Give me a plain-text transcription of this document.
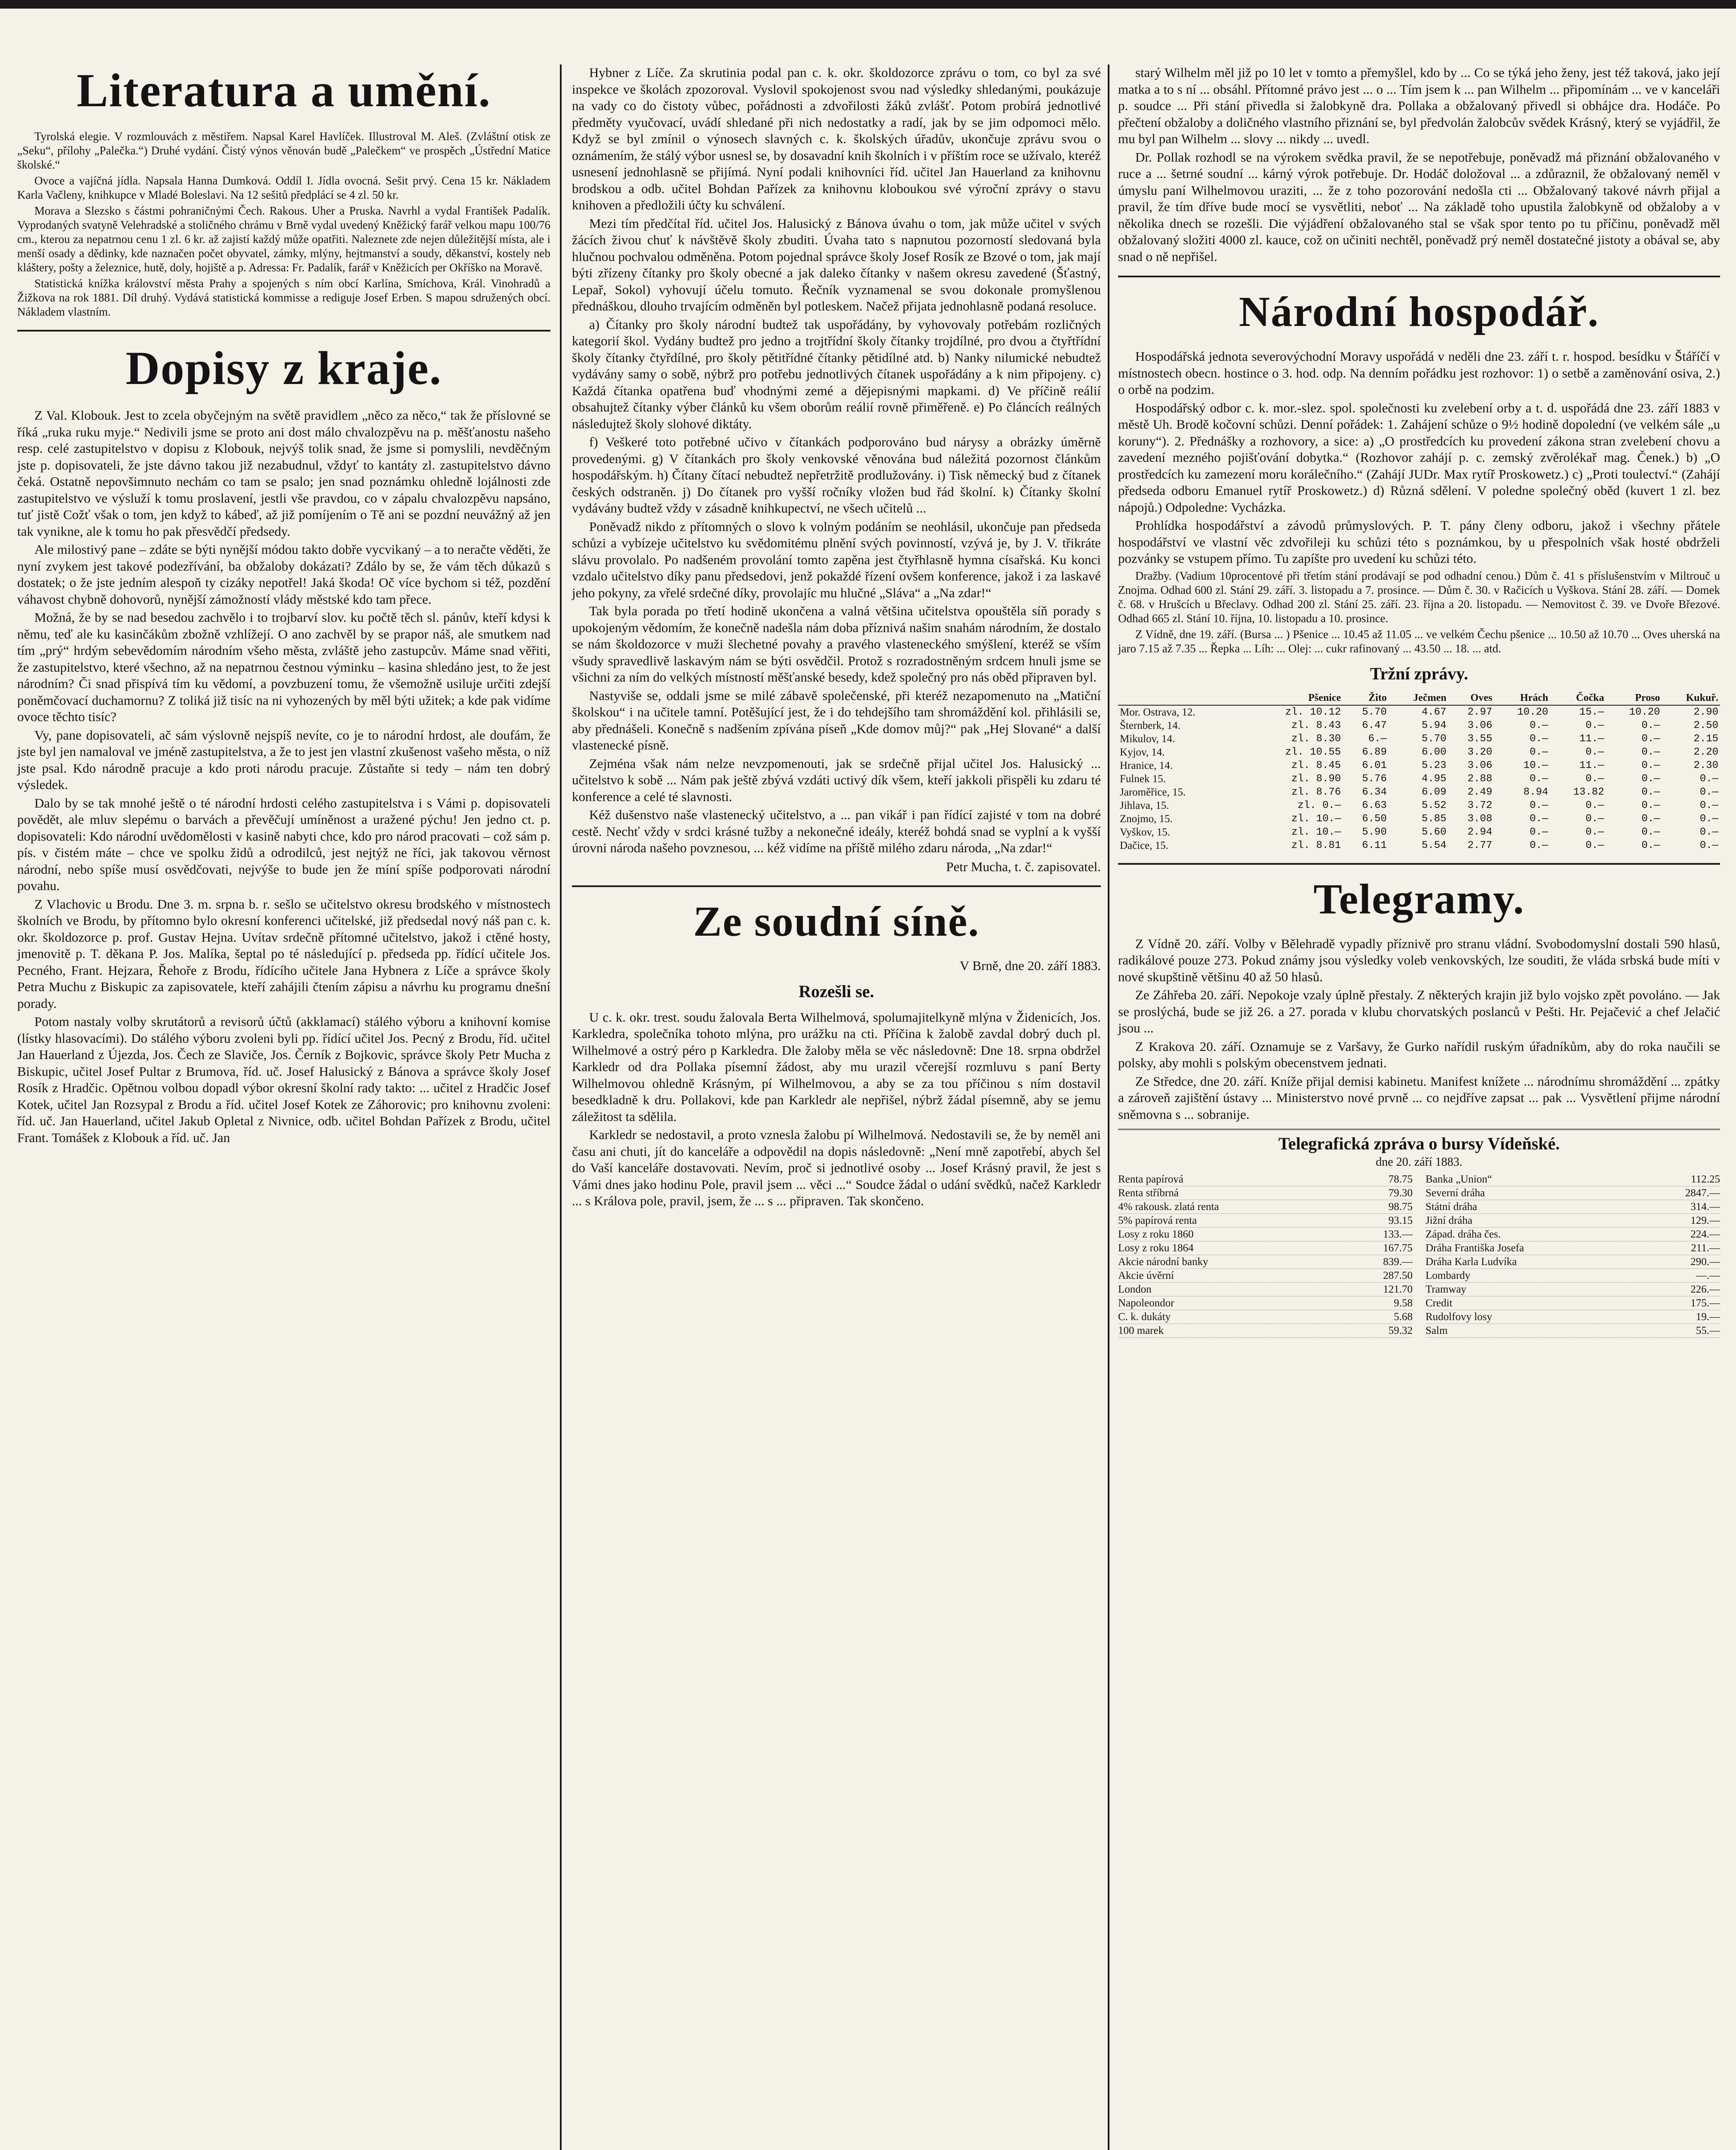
Literatura a umění.

Tyrolská elegie. V rozmlouvách z městiřem. Napsal Karel Havlíček. Illustroval M. Aleš. (Zvláštní otisk ze „Seku“, přílohy „Palečka.“) Druhé vydání. Čistý výnos věnován budě „Palečkem“ ve prospěch „Ústřední Matice školské.“

Ovoce a vajíčná jídla. Napsala Hanna Dumková. Oddíl I. Jídla ovocná. Sešit prvý. Cena 15 kr. Nákladem Karla Vačleny, knihkupce v Mladé Boleslavi. Na 12 sešitů předplácí se 4 zl. 50 kr.

Morava a Slezsko s částmi pohraničnými Čech. Rakous. Uher a Pruska. Navrhl a vydal František Padalík. Vyprodaných svatyně Velehradské a stoličného chrámu v Brně vydal uvedený Kněžický farář velkou mapu 100/76 cm., kterou za nepatrnou cenu 1 zl. 6 kr. až zajistí každý může opatřiti. Naleznete zde nejen důležitější místa, ale i menší osady a dědinky, kde naznačen počet obyvatel, zámky, mlýny, hejtmanství a soudy, děkanství, kostely neb kláštery, pošty a železnice, hutě, doly, hojiště a p. Adressa: Fr. Padalík, farář v Kněžicích per Okříško na Moravě.

Statistická knížka království města Prahy a spojených s ním obcí Karlína, Smíchova, Král. Vinohradů a Žižkova na rok 1881. Díl druhý. Vydává statistická kommisse a rediguje Josef Erben. S mapou sdružených obcí. Nákladem vlastním.

Dopisy z kraje.

Z Val. Klobouk. Jest to zcela obyčejným na světě pravidlem „něco za něco,“ tak že příslovné se říká „ruka ruku myje.“ Nedivili jsme se proto ani dost málo chvalozpěvu na p. měšťanostu našeho resp. celé zastupitelstvo v dopisu z Klobouk, nejvýš tolik snad, že jsme si pomyslili, nevděčným jste p. dopisovateli, že jste dávno takou již nezabudnul, vždyť to kantáty zl. zastupitelstvo dávno čeká. Ostatně nepovšimnuto nechám co tam se psalo; jen snad poznámku ohledně lojálnosti zde zastupitelstvo ve výsluží k tomu proslavení, jestli vše pravdou, co v zápalu chvalozpěvu napsáno, tuť jistě Cožť však o tom, jen když to kábeď, až již pomíjením o Tě ani se pozdní neuvážný až jen tak vynikne, ale k tomu ho pak přesvědčí předsedy.

Ale milostivý pane – zdáte se býti nynější módou takto dobře vycvikaný – a to neračte věděti, že nyní zvykem jest takové podezřívání, ba obžaloby dokázati? Zdálo by se, že vám těch důkazů s dostatek; o že jste jedním alespoň ty cizáky nepotřel! Jaká škoda! Oč více bychom si též, pozdění váhavost chybně dohovorů, nynější zámožností vlády městské kdo tam přece.

Možná, že by se nad besedou zachvělo i to trojbarví slov. ku počtě těch sl. pánův, kteří kdysi k němu, teď ale ku kasinčákům zbožně vzhlížejí. O ano zachvěl by se prapor náš, ale smutkem nad tím „prý“ hrdým sebevědomím národním všeho města, zvláště jeho zastupcův. Máme snad věřiti, že zastupitelstvo, které všechno, až na nepatrnou čestnou výminku – kasina shledáno jest, to že jest národním? Či snad přispívá tím ku vědomí, a povzbuzení tomu, že všemožně usiluje určiti zdejší poněmčovací duchamornu? Z toliká již tisíc na ni vyhozených by měl býti užitek; a kde pak vidíme ovoce těchto tisíc?

Vy, pane dopisovateli, ač sám výslovně nejspíš nevíte, co je to národní hrdost, ale doufám, že jste byl jen namaloval ve jméně zastupitelstva, a že to jest jen vlastní zkušenost vašeho města, o níž jste psal. Kdo národně pracuje a kdo proti národu pracuje. Zůstaňte si tedy – nám ten dobrý výsledek.

Dalo by se tak mnohé ještě o té národní hrdosti celého zastupitelstva i s Vámi p. dopisovateli povědět, ale mluv slepému o barvách a převěčují umíněnost a uražené pýchu! Jen jedno ct. p. dopisovateli: Kdo národní uvědomělosti v kasině nabyti chce, kdo pro národ pracovati – což sám p. pís. v čistém máte – chce ve spolku židů a odrodilců, jest nejtýž ne říci, jak takovou věrnost národní, nebo spíše musí osvědčovati, nejvýše to bude jen že míní spíše podporovati národní povahu.

Z Vlachovic u Brodu. Dne 3. m. srpna b. r. sešlo se učitelstvo okresu brodského v místnostech školních ve Brodu, by přítomno bylo okresní konferenci učitelské, již předsedal nový náš pan c. k. okr. školdozorce p. prof. Gustav Hejna. Uvítav srdečně přítomné učitelstvo, jakož i ctěné hosty, jmenovitě p. T. děkana P. Jos. Malíka, šeptal po té následující p. předseda pp. řídící učitele Jos. Pecného, Frant. Hejzara, Řehoře z Brodu, řídícího učitele Jana Hybnera z Líče a správce školy Petra Muchu z Biskupic za zapisovatele, kteří zahájili čtením zápisu a návrhu ku programu dnešní porady.

Potom nastaly volby skrutátorů a revisorů účtů (akklamací) stálého výboru a knihovní komise (lístky hlasovacími). Do stálého výboru zvoleni byli pp. řídící učitel Jos. Pecný z Brodu, říd. učitel Jan Hauerland z Újezda, Jos. Čech ze Slaviče, Jos. Černík z Bojkovic, správce školy Petr Mucha z Biskupic, učitel Josef Pultar z Brumova, říd. uč. Josef Halusický z Bánova a správce školy Josef Rosík z Hradčic. Opětnou volbou dopadl výbor okresní školní rady takto: ... učitel z Hradčic Josef Kotek, učitel Jan Rozsypal z Brodu a říd. učitel Josef Kotek ze Záhorovic; pro knihovnu zvoleni: říd. uč. Jan Hauerland, učitel Jakub Opletal z Nivnice, odb. učitel Bohdan Pařízek z Brodu, učitel Frant. Tomášek z Klobouk a říd. uč. Jan

Hybner z Líče. Za skrutinia podal pan c. k. okr. školdozorce zprávu o tom, co byl za své inspekce ve školách zpozoroval. Vyslovil spokojenost svou nad výsledky shledanými, poukázuje na vady co do čistoty vůbec, pořádnosti a zdvořilosti žáků zvlášť. Potom probírá jednotlivé předměty vyučovací, uvádí shledané při nich nedostatky a radí, jak by se jim odpomoci mělo. Když se byl zmínil o výnosech slavných c. k. školských úřadův, ukončuje zprávu svou o oznámením, že stálý výbor usnesl se, by dosavadní knih školních i v příštím roce se užívalo, kteréž usnesení jednohlasně se přijímá. Nyní podali knihovníci říd. učitel Jan Hauerland za knihovnu brodskou a odb. učitel Bohdan Pařízek za knihovnu kloboukou své výroční zprávy o stavu knihoven a předložili účty ku schválení.

Mezi tím předčítal říd. učitel Jos. Halusický z Bánova úvahu o tom, jak může učitel v svých žácích živou chuť k návštěvě školy zbuditi. Úvaha tato s napnutou pozorností sledovaná byla hlučnou pochvalou odměněna. Potom pojednal správce školy Josef Rosík ze Bzové o tom, jak mají býti zřízeny čítanky pro školy obecné a jak daleko čítanky v našem okresu zavedené (Šťastný, Lepař, Sokol) vyhovují účelu tomuto. Řečník vyznamenal se svou dokonale promyšlenou přednáškou, dlouho trvajícím odměněn byl potleskem. Načež přijata jednohlasně podaná resoluce.

a) Čítanky pro školy národní budtež tak uspořádány, by vyhovovaly potřebám rozličných kategorií škol. Vydány budtež pro jedno a trojtřídní školy čítanky trojdílné, pro dvou a čtyřtřídní školy čítanky čtyřdílné, pro školy pětitřídné čítanky pětidílné atd. b) Nanky nilumické nebudtež vydávány samy o sobě, nýbrž pro potřebu jednotlivých čítanek uspořádány a k nim připojeny. c) Každá čítanka opatřena buď vhodnými zemé a dějepisnými mapkami. d) Ve příčině reálií obsahujtež čítanky výber článků ku všem oborům reálií rovně přiměřeně. e) Po článcích reálných následujtež školy slohové diktáty.

f) Veškeré toto potřebné učivo v čítankách podporováno bud nárysy a obrázky úměrně provedenými. g) V čítankách pro školy venkovské věnována bud náležitá pozornost článkům hospodářským. h) Čítany čítací nebudtež nepřetržitě prodlužovány. i) Tisk německý bud z čítanek českých odstraněn. j) Do čítanek pro vyšší ročníky vložen bud řád školní. k) Čítanky školní vydávány budtež vždy v zásadně knihkupectví, ne všech učitelů ...

Poněvadž nikdo z přítomných o slovo k volným podáním se neohlásil, ukončuje pan předseda schůzi a vybízeje učitelstvo ku svědomitému plnění svých povinností, vzývá je, by J. V. třikráte slávu provolalo. Po nadšeném provolání tomto zapěna jest čtyřhlasně hymna císařská. Ku konci vzdalo učitelstvo díky panu předsedovi, jenž pokaždé řízení ovšem konference, jakož i za laskavé jeho pokyny, za vřelé srdečné díky, provolajíc mu hlučné „Sláva“ a „Na zdar!“

Tak byla porada po třetí hodině ukončena a valná většina učitelstva opouštěla síň porady s upokojeným vědomím, že konečně nadešla nám doba příznivá našim snahám národním, že dostalo se nám školdozorce v muži šlechetné povahy a pravého vlasteneckého smýšlení, kteréž se vším všudy spravedlivě laskavým nám se býti osvědčil. Protož s rozradostněným srdcem hnuli jsme se všichni za ním do velkých místností měšťanské besedy, kdež společný pro nás oběd připraven byl.

Nastyviše se, oddali jsme se milé zábavě společenské, při kteréž nezapomenuto na „Matiční školskou“ i na učitele tamní. Potěšující jest, že i do tehdejšího tam shromáždění kol. přihlásili se, aby přednášeli. Konečně s nadšením zpívána píseň „Kde domov můj?“ pak „Hej Slované“ a další vlastenecké písně.

Zejména však nám nelze nevzpomenouti, jak se srdečně přijal učitel Jos. Halusický ... učitelstvo k sobě ... Nám pak ještě zbývá vzdáti uctivý dík všem, kteří jakkoli přispěli ku zdaru té konference a celé té slavnosti.

Kéž dušenstvo naše vlastenecký učitelstvo, a ... pan vikář i pan řídící zajisté v tom na dobré cestě. Nechť vždy v srdci krásné tužby a nekonečné ideály, kteréž bohdá snad se vyplní a k vyšší úrovni národa našeho povznesou, ... kéž vidíme na příště milého zdaru národa, „Na zdar!“

Petr Mucha, t. č. zapisovatel.

Ze soudní síně.

V Brně, dne 20. září 1883.

Rozešli se.

U c. k. okr. trest. soudu žalovala Berta Wilhelmová, spolumajitelkyně mlýna v Židenicích, Jos. Karkledra, společníka tohoto mlýna, pro urážku na cti. Příčina k žalobě zavdal dobrý duch pl. Wilhelmové a ostrý péro p Karkledra. Dle žaloby měla se věc následovně: Dne 18. srpna obdržel Karkledr od dra Pollaka písemní žádost, aby mu urazil včerejší rozmluvu s paní Berty Wilhelmovou ohledně Krásným, pí Wilhelmovou, a aby se za tou příčinou s ním dostavil besedkladně k dru. Pollakovi, kde pan Karkledr ale nepřišel, nýbrž žádal písemně, aby se jemu záležitost ta sdělila.

Karkledr se nedostavil, a proto vznesla žalobu pí Wilhelmová. Nedostavili se, že by neměl ani času ani chuti, jít do kanceláře a odpovědil na dopis následovně: „Není mně zapotřebí, abych šel do Vaší kanceláře dostavovati. Nevím, proč si jednotlivé osoby ... Josef Krásný pravil, že jest s Vámi dnes jako hodinu Pole, pravil jsem ... věci ...“ Soudce žádal o udání svědků, načež Karkledr ... s Králova pole, pravil, jsem, že ... s ... připraven. Tak skončeno.

starý Wilhelm měl již po 10 let v tomto a přemyšlel, kdo by ... Co se týká jeho ženy, jest též taková, jako její matka a to s ní ... obsáhl. Přítomné právo jest ... o ... Tím jsem k ... pan Wilhelm ... připomínám ... ve v kanceláři p. soudce ... Při stání přivedla si žalobkyně dra. Pollaka a obžalovaný přivedl si obhájce dra. Hodáče. Po přečtení obžaloby a doličného vlastního přiznání se, byl předvolán žalobcův svědek Krásný, který se vyjádřil, že mu byl pan Wilhelm ... slovy ... nikdy ... uvedl.

Dr. Pollak rozhodl se na výrokem svědka pravil, že se nepotřebuje, poněvadž má přiznání obžalovaného v ruce a ... šetrné soudní ... kárný výrok potřebuje. Dr. Hodáč doložoval ... a zdůraznil, že obžalovaný neměl v úmyslu paní Wilhelmovou uraziti, ... že z toho pozorování nedošla cti ... Obžalovaný takové návrh přijal a pravil, že tím dříve bude mocí se vysvětliti, neboť ... Na základě toho upustila žalobkyně od obžaloby a v několika dnech se rozešli. Die výjádření obžalovaného stal se však spor tento po tu příčinu, poněvadž měl obžalovaný složiti 4000 zl. kauce, což on učiniti nechtěl, poněvadž prý neměl dostatečné jistoty a obával se, aby snad o ně nepřišel.

Národní hospodář.

Hospodářská jednota severovýchodní Moravy uspořádá v neděli dne 23. září t. r. hospod. besídku v Štáříčí v místnostech obecn. hostince o 3. hod. odp. Na denním pořádku jest rozhovor: 1) o setbě a zaměnování osiva, 2.) o orbě na podzim.

Hospodářský odbor c. k. mor.-slez. spol. společnosti ku zvelebení orby a t. d. uspořádá dne 23. září 1883 v městě Uh. Brodě kočovní schůzi. Denní pořádek: 1. Zahájení schůze o 9½ hodině dopolední (ve velkém sále „u koruny“). 2. Přednášky a rozhovory, a sice: a) „O prostředcích ku provedení zákona stran zvelebení chovu a zavedení mezného pojišťování dobytka.“ (Rozhovor zahájí p. c. zemský zvěrolékař mag. Čenek.) b) „O prostředcích ku zamezení moru korálečního.“ (Zahájí JUDr. Max rytíř Proskowetz.) c) „Proti toulectví.“ (Zahájí předseda odboru Emanuel rytíř Proskowetz.) d) Různá sdělení. V poledne společný oběd (kuvert 1 zl. bez nápojů.) Odpoledne: Vycházka.

Prohlídka hospodářství a závodů průmyslových. P. T. pány členy odboru, jakož i všechny přátele hospodářství ve vlastní věc zdvořileji ku schůzi této s poznámkou, by u přespolních však hosté obdrželi pozvánky se vstupem přímo. Tu zapíšte pro uvedení ku schůzi této.

Dražby. (Vadium 10procentové při třetím stání prodávají se pod odhadní cenou.) Dům č. 41 s příslušenstvím v Miltrouč u Znojma. Odhad 600 zl. Stání 29. září. 3. listopadu a 7. prosince. — Dům č. 30. v Račicích u Vyškova. Stání 28. září. — Domek č. 68. v Hrušcích u Břeclavy. Odhad 200 zl. Stání 25. září. 23. října a 20. listopadu. — Nemovitost č. 39. ve Dvoře Březové. Odhad 665 zl. Stání 10. října, 10. listopadu a 10. prosince.

Z Vídně, dne 19. září. (Bursa ... ) Pšenice ... 10.45 až 11.05 ... ve velkém Čechu pšenice ... 10.50 až 10.70 ... Oves uherská na jaro 7.15 až 7.35 ... Řepka ... Líh: ... Olej: ... cukr rafinovaný ... 43.50 ... 18. ... atd.

Tržní zprávy.

	Pšenice	Žito	Ječmen	Oves	Hrách	Čočka	Proso	Kukuř.
Mor. Ostrava, 12.	zl. 10.12	5.70	4.67	2.97	10.20	15.—	10.20	2.90
Šternberk, 14.	zl. 8.43	6.47	5.94	3.06	0.—	0.—	0.—	2.50
Mikulov, 14.	zl. 8.30	6.—	5.70	3.55	0.—	11.—	0.—	2.15
Kyjov, 14.	zl. 10.55	6.89	6.00	3.20	0.—	0.—	0.—	2.20
Hranice, 14.	zl. 8.45	6.01	5.23	3.06	10.—	11.—	0.—	2.30
Fulnek 15.	zl. 8.90	5.76	4.95	2.88	0.—	0.—	0.—	0.—
Jaroměřice, 15.	zl. 8.76	6.34	6.09	2.49	8.94	13.82	0.—	0.—
Jihlava, 15.	zl. 0.—	6.63	5.52	3.72	0.—	0.—	0.—	0.—
Znojmo, 15.	zl. 10.—	6.50	5.85	3.08	0.—	0.—	0.—	0.—
Vyškov, 15.	zl. 10.—	5.90	5.60	2.94	0.—	0.—	0.—	0.—
Dačice, 15.	zl. 8.81	6.11	5.54	2.77	0.—	0.—	0.—	0.—
Telegramy.

Z Vídně 20. září. Volby v Bělehradě vypadly příznivě pro stranu vládní. Svobodomyslní dostali 590 hlasů, radikálové pouze 273. Pokud známy jsou výsledky voleb venkovských, lze souditi, že vláda srbská bude míti v nové skupštině většinu 40 až 50 hlasů.

Ze Záhřeba 20. září. Nepokoje vzaly úplně přestaly. Z některých krajin již bylo vojsko zpět povoláno. — Jak se proslýchá, bude se již 26. a 27. porada v klubu chorvatských poslanců v Pešti. Hr. Pejačević a chef Jelačić jsou ...

Z Krakova 20. září. Oznamuje se z Varšavy, že Gurko nařídil ruským úřadníkům, aby do roka naučili se polsky, aby mohli s polským obecenstvem jednati.

Ze Středce, dne 20. září. Kníže přijal demisi kabinetu. Manifest knížete ... národnímu shromáždění ... zpátky a zároveň zajištění ústavy ... Ministerstvo nové prvně ... co nejdříve zapsat ... pak ... Vysvětlení přijme národní sněmovna s ... sobranije.

Telegrafická zpráva o bursy Vídeňské.
dne 20. září 1883.
Renta papírová	78.75
Renta stříbrná	79.30
4% rakousk. zlatá renta	98.75
5% papírová renta	93.15
Losy z roku 1860	133.—
Losy z roku 1864	167.75
Akcie národní banky	839.—
Akcie úvěrní	287.50
London	121.70
Napoleondor	9.58
C. k. dukáty	5.68
100 marek	59.32
Banka „Union“	112.25
Severní dráha	2847.—
Státní dráha	314.—
Jižní dráha	129.—
Západ. dráha čes.	224.—
Dráha Františka Josefa	211.—
Dráha Karla Ludvíka	290.—
Lombardy	—.—
Tramway	226.—
Credit	175.—
Rudolfovy losy	19.—
Salm	55.—
